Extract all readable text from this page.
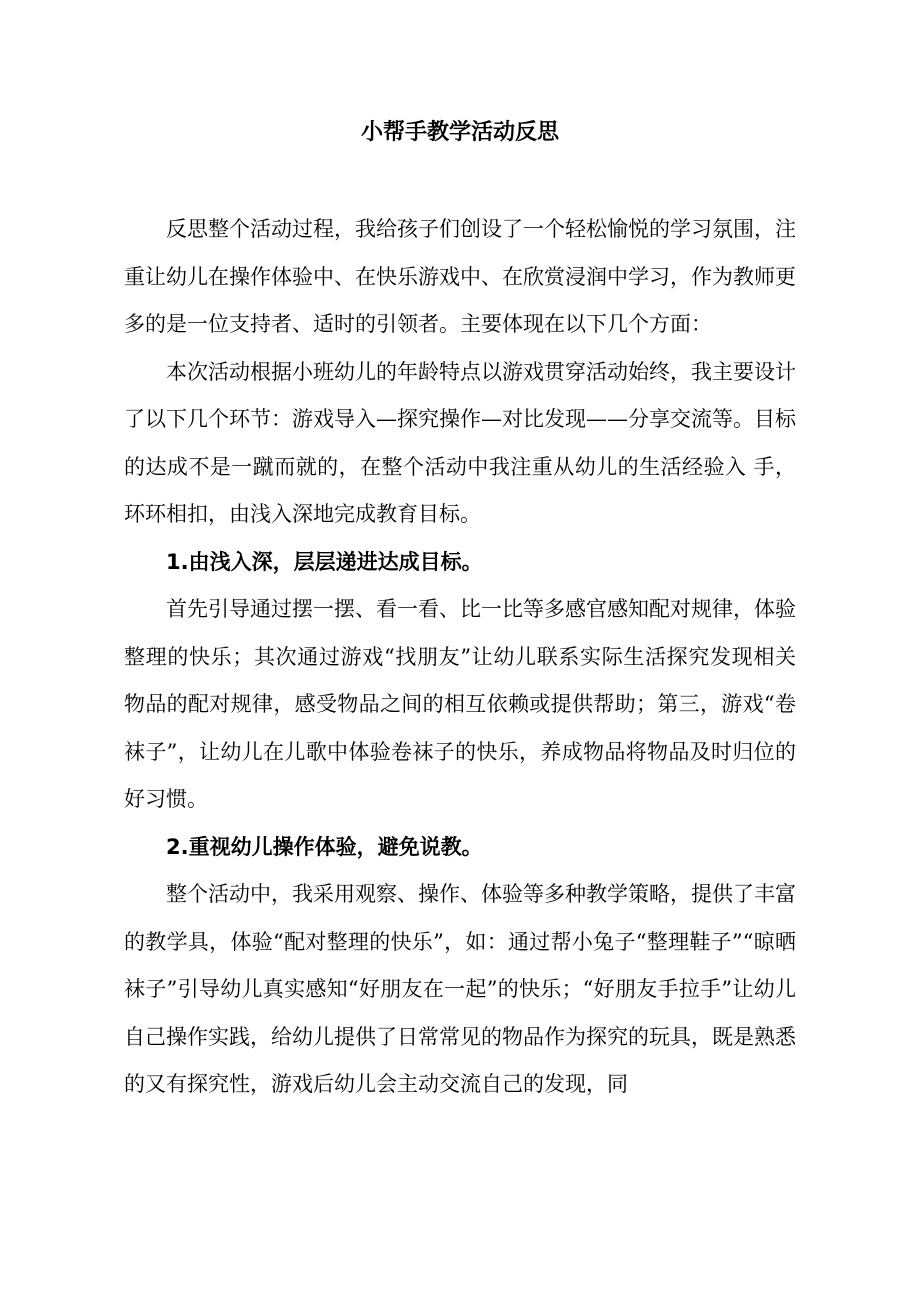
小帮手教学活动反思

反思整个活动过程，我给孩子们创设了一个轻松愉悦的学习氛围，注重让幼儿在操作体验中、在快乐游戏中、在欣赏浸润中学习，作为教师更多的是一位支持者、适时的引领者。主要体现在以下几个方面：

本次活动根据小班幼儿的年龄特点以游戏贯穿活动始终，我主要设计了以下几个环节：游戏导入—探究操作—对比发现——分享交流等。目标的达成不是一蹴而就的，在整个活动中我注重从幼儿的生活经验入 手，环环相扣，由浅入深地完成教育目标。

1.由浅入深，层层递进达成目标。

首先引导通过摆一摆、看一看、比一比等多感官感知配对规律，体验整理的快乐；其次通过游戏“找朋友”让幼儿联系实际生活探究发现相关物品的配对规律，感受物品之间的相互依赖或提供帮助；第三，游戏“卷袜子”，让幼儿在儿歌中体验卷袜子的快乐，养成物品将物品及时归位的好习惯。

2.重视幼儿操作体验，避免说教。

整个活动中，我采用观察、操作、体验等多种教学策略，提供了丰富的教学具，体验“配对整理的快乐”，如：通过帮小兔子“整理鞋子”“晾晒袜子”引导幼儿真实感知“好朋友在一起”的快乐；“好朋友手拉手”让幼儿自己操作实践，给幼儿提供了日常常见的物品作为探究的玩具，既是熟悉的又有探究性，游戏后幼儿会主动交流自己的发现，同
